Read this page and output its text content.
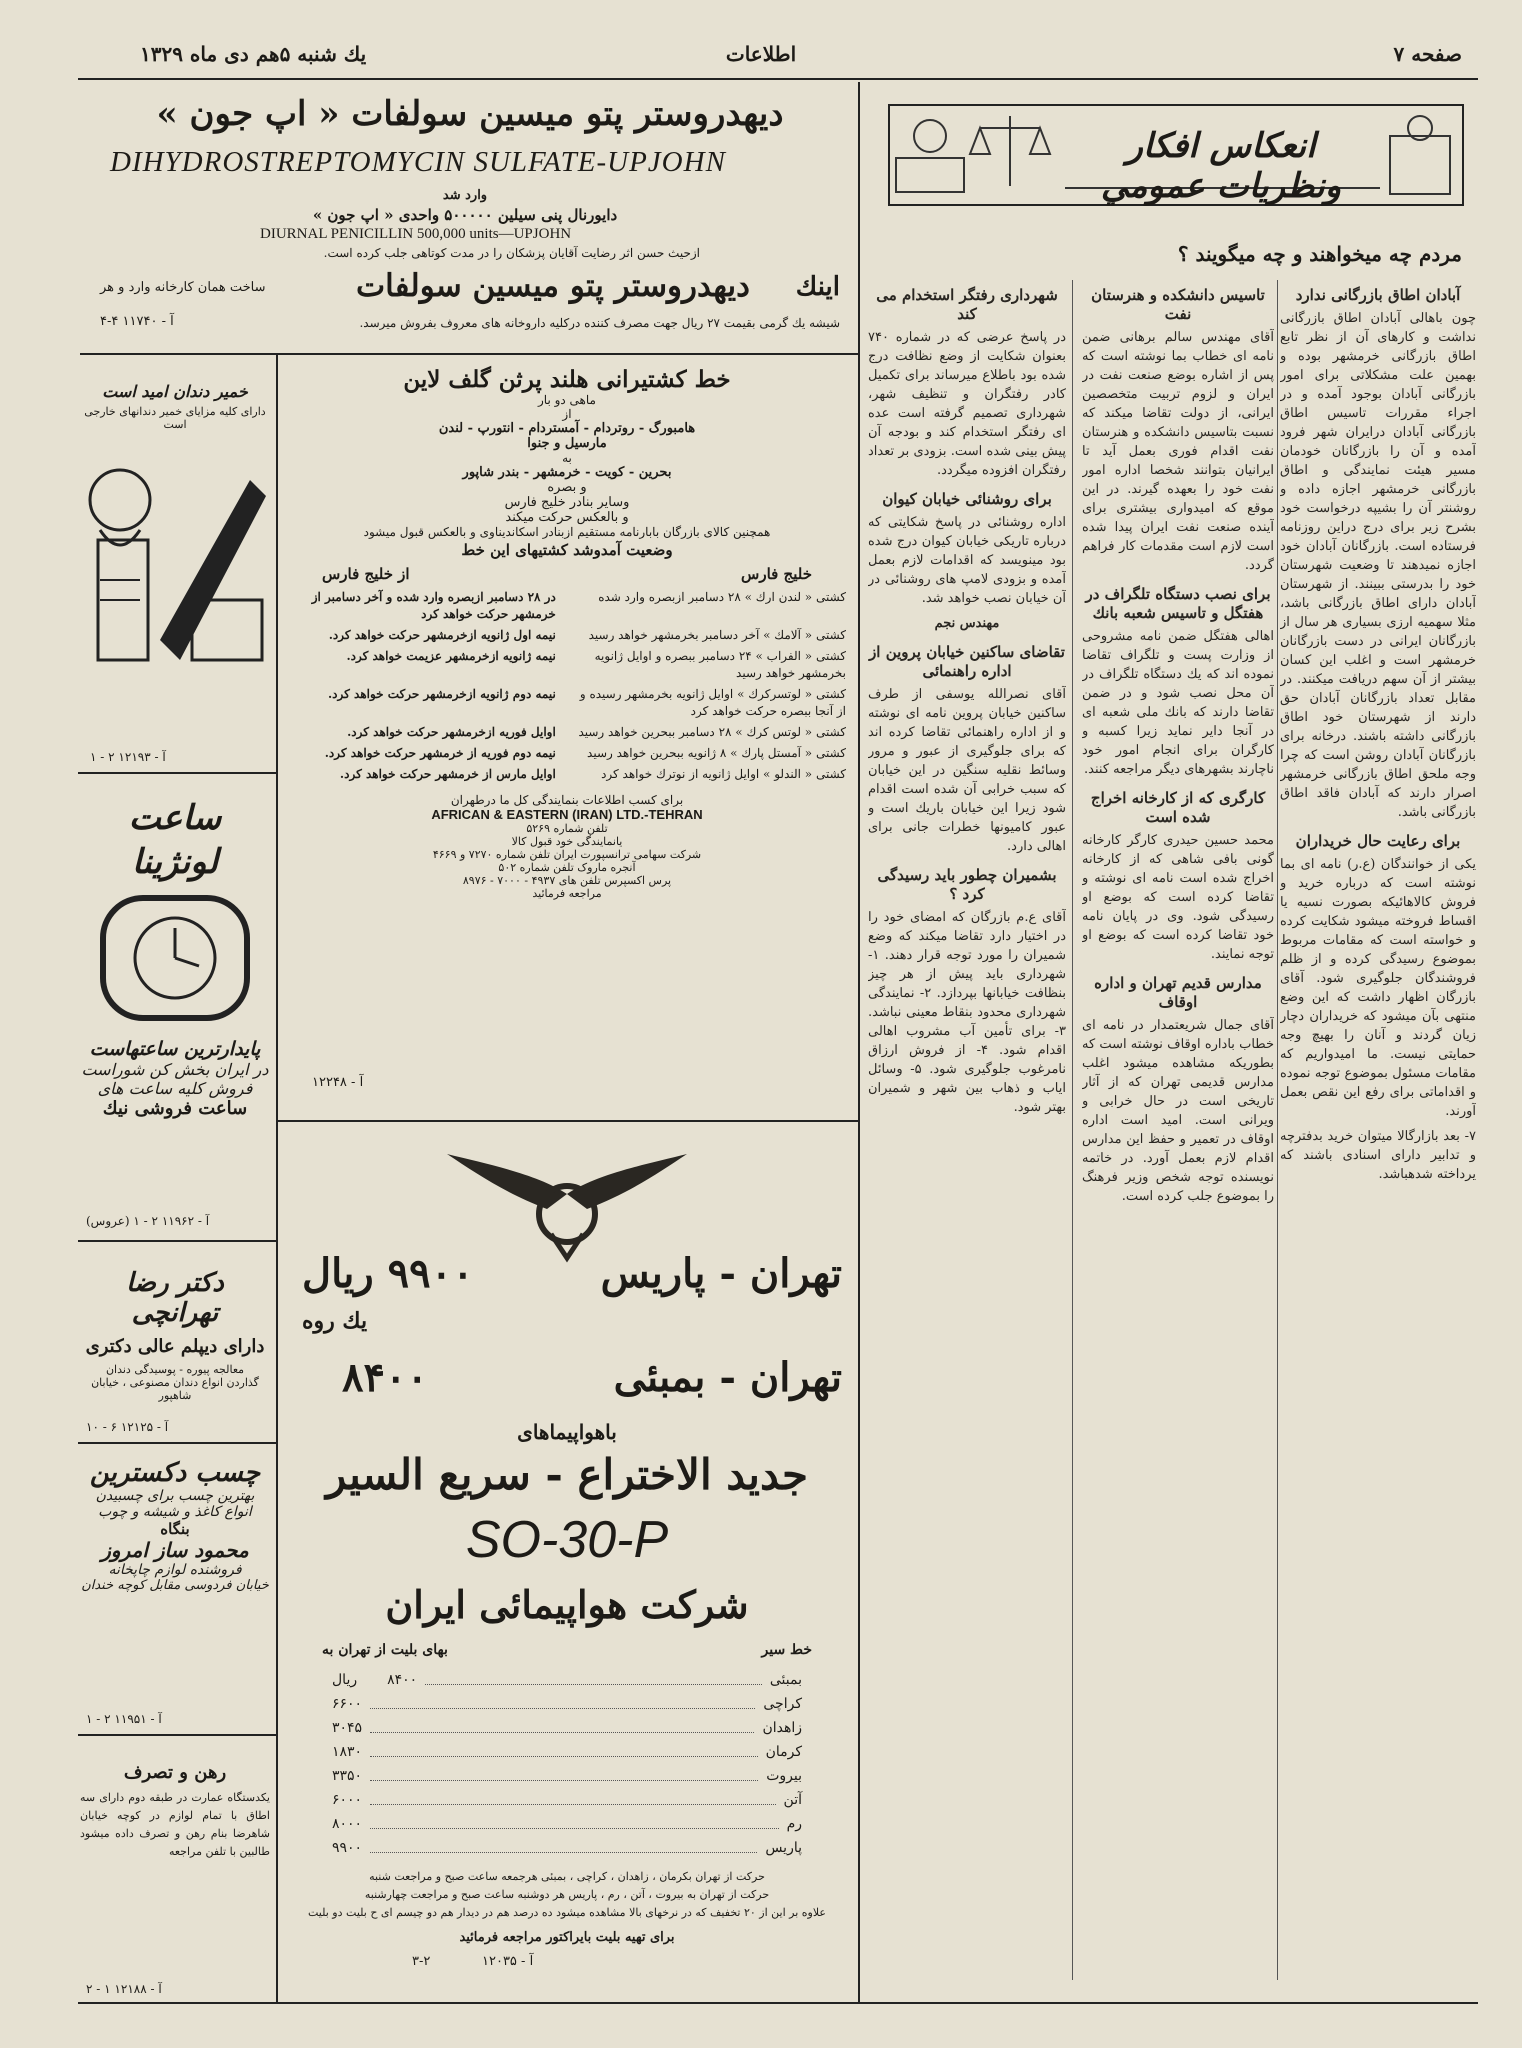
صفحه ۷
اطلاعات
يك شنبه ۵هم دی ماه ۱۳۲۹
انعكاس افكار ونظريات عمومي
مردم چه میخواهند و چه میگویند ؟
آبادان اطاق بازرگانی ندارد

چون باهالی آبادان اطاق بازرگانی نداشت و كارهای آن از نظر تابع اطاق بازرگانی خرمشهر بوده و بهمین علت مشكلاتی برای امور بازرگانی آبادان بوجود آمده و در اجراء مقررات تاسیس اطاق بازرگانی آبادان درایران شهر فرود آمده و آن را بازرگانان خودمان مسیر هیئت نمایندگی و اطاق بازرگانی خرمشهر اجازه داده و روشنتر آن را بشیپه درخواست خود بشرح زیر برای درج دراین روزنامه فرستاده است. بازرگانان آبادان خود اجازه نمیدهند تا وضعیت شهرستان خود را بدرستی ببینند. از شهرستان آبادان دارای اطاق بازرگانی باشد، مثلا سهمیه ارزی بسیاری هر سال از بازرگانان ایرانی در دست بازرگانان خرمشهر است و اغلب این كسان بیشتر از آن سهم دریافت میكنند. در مقابل تعداد بازرگانان آبادان حق دارند از شهرستان خود اطاق بازرگانی داشته باشند. درخانه برای بازرگانان آبادان روشن است كه چرا وجه ملحق اطاق بازرگانی خرمشهر اصرار دارند كه آبادان فاقد اطاق بازرگانی باشد.

برای رعایت حال خریداران

یكی از خوانندگان (ع.ر) نامه ای بما نوشته است كه درباره خرید و فروش كالاهائیكه بصورت نسیه یا اقساط فروخته میشود شكایت كرده و خواسته است كه مقامات مربوط بموضوع رسیدگی كرده و از ظلم فروشندگان جلوگیری شود. آقای بازرگان اظهار داشت كه این وضع منتهی بآن میشود كه خریداران دچار زیان گردند و آنان را بهیچ وجه حمایتی نیست. ما امیدواریم كه مقامات مسئول بموضوع توجه نموده و اقداماتی برای رفع این نقص بعمل آورند.

۷- بعد بازارگالا میتوان خرید بدفترچه و تدابیر دارای اسنادی باشند كه یرداخته شدهباشد.

تاسیس دانشكده و هنرستان نفت

آقای مهندس سالم برهانی ضمن نامه ای خطاب بما نوشته است كه پس از اشاره بوضع صنعت نفت در ایران و لزوم تربیت متخصصین ایرانی، از دولت تقاضا میكند كه نسبت بتاسیس دانشكده و هنرستان نفت اقدام فوری بعمل آید تا ایرانیان بتوانند شخصا اداره امور نفت خود را بعهده گیرند. در این موقع كه امیدواری بیشتری برای آینده صنعت نفت ایران پیدا شده است لازم است مقدمات كار فراهم گردد.

برای نصب دستگاه تلگراف در هفتگل و تاسیس شعبه بانك

اهالی هفتگل ضمن نامه مشروحی از وزارت پست و تلگراف تقاضا نموده اند كه یك دستگاه تلگراف در آن محل نصب شود و در ضمن تقاضا دارند كه بانك ملی شعبه ای در آنجا دایر نماید زیرا كسبه و كارگران برای انجام امور خود ناچارند بشهرهای دیگر مراجعه كنند.

كارگری كه از كارخانه اخراج شده است

محمد حسین حیدری كارگر كارخانه گونی بافی شاهی كه از كارخانه اخراج شده است نامه ای نوشته و تقاضا كرده است كه بوضع او رسیدگی شود. وی در پایان نامه خود تقاضا كرده است كه بوضع او توجه نمایند.

مدارس قدیم تهران و اداره اوقاف

آقای جمال شریعتمدار در نامه ای خطاب باداره اوقاف نوشته است كه بطوریكه مشاهده میشود اغلب مدارس قدیمی تهران كه از آثار تاریخی است در حال خرابی و ویرانی است. امید است اداره اوقاف در تعمیر و حفظ این مدارس اقدام لازم بعمل آورد. در خاتمه نویسنده توجه شخص وزیر فرهنگ را بموضوع جلب كرده است.

شهرداری رفتگر استخدام می كند

در پاسخ عرضی كه در شماره ۷۴۰ بعنوان شكایت از وضع نظافت درج شده بود باطلاع میرساند برای تكمیل كادر رفتگران و تنظیف شهر، شهرداری تصمیم گرفته است عده ای رفتگر استخدام كند و بودجه آن پیش بینی شده است. بزودی بر تعداد رفتگران افزوده میگردد.

برای روشنائی خیابان كیوان

اداره روشنائی در پاسخ شكایتی كه درباره تاریكی خیابان كیوان درج شده بود مینویسد كه اقدامات لازم بعمل آمده و بزودی لامپ های روشنائی در آن خیابان نصب خواهد شد.

مهندس نجم

تقاضای ساكنین خیابان پروین از اداره راهنمائی

آقای نصرالله یوسفی از طرف ساكنین خیابان پروین نامه ای نوشته و از اداره راهنمائی تقاضا كرده اند كه برای جلوگیری از عبور و مرور وسائط نقلیه سنگین در این خیابان كه سبب خرابی آن شده است اقدام شود زیرا این خیابان باریك است و عبور كامیونها خطرات جانی برای اهالی دارد.

بشمیران چطور باید رسیدگی كرد ؟

آقای ع.م بازرگان كه امضای خود را در اختیار دارد تقاضا میكند كه وضع شمیران را مورد توجه قرار دهند. ۱- شهرداری باید پیش از هر چیز بنظافت خیابانها بپردازد. ۲- نمایندگی شهرداری محدود بنقاط معینی نباشد. ۳- برای تأمین آب مشروب اهالی اقدام شود. ۴- از فروش ارزاق نامرغوب جلوگیری شود. ۵- وسائل ایاب و ذهاب بین شهر و شمیران بهتر شود.

دیهدروستر پتو میسین سولفات « اپ جون »
DIHYDROSTREPTOMYCIN SULFATE-UPJOHN
وارد شد
دایورنال پنی سیلین ۵۰۰۰۰۰ واحدی « اپ جون »
DIURNAL PENICILLIN 500,000 units—UPJOHN
ازحیث حسن اثر رضایت آقایان پزشكان را در مدت كوتاهی جلب كرده است.
اینك
دیهدروستر پتو میسین سولفات
ساخت همان كارخانه وارد و هر
شیشه یك گرمی بقیمت ۲۷ ریال جهت مصرف كننده درکلیه داروخانه های معروف بفروش میرسد.
آ - ۱۱۷۴۰ ۴-۴
خط كشتیرانی هلند پرثن گلف لاین
ماهی دو بار
از
هامبورگ - روتردام - آمستردام - انتورپ - لندن
مارسیل و جنوا
به
بحرین - كویت - خرمشهر - بندر شاپور
و بصره
وسایر بنادر خلیج فارس
و بالعكس حركت میكند
همچنین كالای بازرگان بابارنامه مستقیم ازبنادر اسكاندیناوی و بالعكس قبول میشود
وضعیت آمدوشد كشتیهای این خط
خلیج فارس
از خلیج فارس
كشتی « لندن ارك » ۲۸ دسامبر ازبصره وارد شده
در ۲۸ دسامبر ازبصره وارد شده و آخر دسامبر از خرمشهر حركت خواهد كرد
كشتی « آلامك » آخر دسامبر بخرمشهر خواهد رسید
نیمه اول ژانویه ازخرمشهر حركت خواهد كرد.
كشتی « الفراب » ۲۴ دسامبر ببصره و اوایل ژانویه بخرمشهر خواهد رسید
نیمه ژانویه ازخرمشهر عزیمت خواهد كرد.
كشتی « لوتسركرك » اوایل ژانویه بخرمشهر رسیده و از آنجا ببصره حركت خواهد كرد
نیمه دوم ژانویه ازخرمشهر حركت خواهد كرد.
كشتی « لوتس كرك » ۲۸ دسامبر ببحرین خواهد رسید
اوایل فوریه ازخرمشهر حركت خواهد كرد.
كشتی « آمستل پارك » ۸ ژانویه ببحرین خواهد رسید
نیمه دوم فوریه از خرمشهر حركت خواهد كرد.
كشتی « الندلو » اوایل ژانویه از نوترك خواهد كرد
اوایل مارس از خرمشهر حركت خواهد كرد.
برای كسب اطلاعات بنمایندگی كل ما درطهران
AFRICAN & EASTERN (IRAN) LTD.-TEHRAN
تلفن شماره ۵۲۶۹
یانمایندگی خود قبول كالا
شركت سهامی ترانسپورت ایران تلفن شماره ۷۲۷۰ و ۴۶۶۹
آنجره ماروک تلفن شماره ۵۰۲
پرس اكسپرس تلفن های ۴۹۳۷ - ۷۰۰۰ - ۸۹۷۶
مراجعه فرمائید
آ - ۱۲۲۴۸
تهران - پاریس
۹۹۰۰ ریال
یك روه
تهران - بمبئی
۸۴۰۰
باهواپیماهای
جدید الاختراع - سریع السیر
SO-30-P
شركت هواپیمائی ایران
خط سیر
بهای بلیت از تهران به
بمبئی
۸۴۰۰
ریال
كراچی
۶۶۰۰
زاهدان
۳۰۴۵
كرمان
۱۸۳۰
بیروت
۳۳۵۰
آتن
۶۰۰۰
رم
۸۰۰۰
پاریس
۹۹۰۰
حركت از تهران بكرمان ، زاهدان ، كراچی ، بمبئی هرجمعه ساعت صبح و مراجعت شنبه
حركت از تهران به بیروت ، آتن ، رم ، پاریس هر دوشنبه ساعت صبح و مراجعت چهارشنبه
علاوه بر این از ۲۰ تخفیف كه در نرخهای بالا مشاهده میشود ده درصد هم در دیدار هم دو چیسم ای ح بلیت دو بلیت
برای تهیه بلیت بایراكتور مراجعه فرمائید
آ - ۱۲۰۳۵
۳-۲
خمیر دندان امید است
دارای كلیه مزایای خمیر دندانهای خارجی است
آ - ۱۲۱۹۳ ۲ - ۱
ساعت لونژینا
پایدارترین ساعتهاست
در ایران بخش كن شوراست
فروش كلیه ساعت های
ساعت فروشی نیك
آ - ۱۱۹۶۲ ۲ - ۱ (عروس)
دكتر رضا تهرانچی
دارای دیپلم عالی دكتری
معالجه پیوره - پوسیدگی دندان
گذاردن انواع دندان مصنوعی ، خیابان شاهپور
آ - ۱۲۱۲۵ ۶ - ۱۰
چسب دكسترین
بهترین چسب برای چسبیدن
انواع كاغذ و شیشه و چوب
بنگاه
محمود ساز امروز
فروشنده لوازم چاپخانه
خیابان فردوسی مقابل كوچه خندان
آ - ۱۱۹۵۱ ۲ - ۱
رهن و تصرف
یكدستگاه عمارت در طبقه دوم دارای سه اطاق با تمام لوازم در كوچه خیابان شاهرضا بنام رهن و تصرف داده میشود طالبین با تلفن مراجعه
آ - ۱۲۱۸۸ ۱ - ۲
